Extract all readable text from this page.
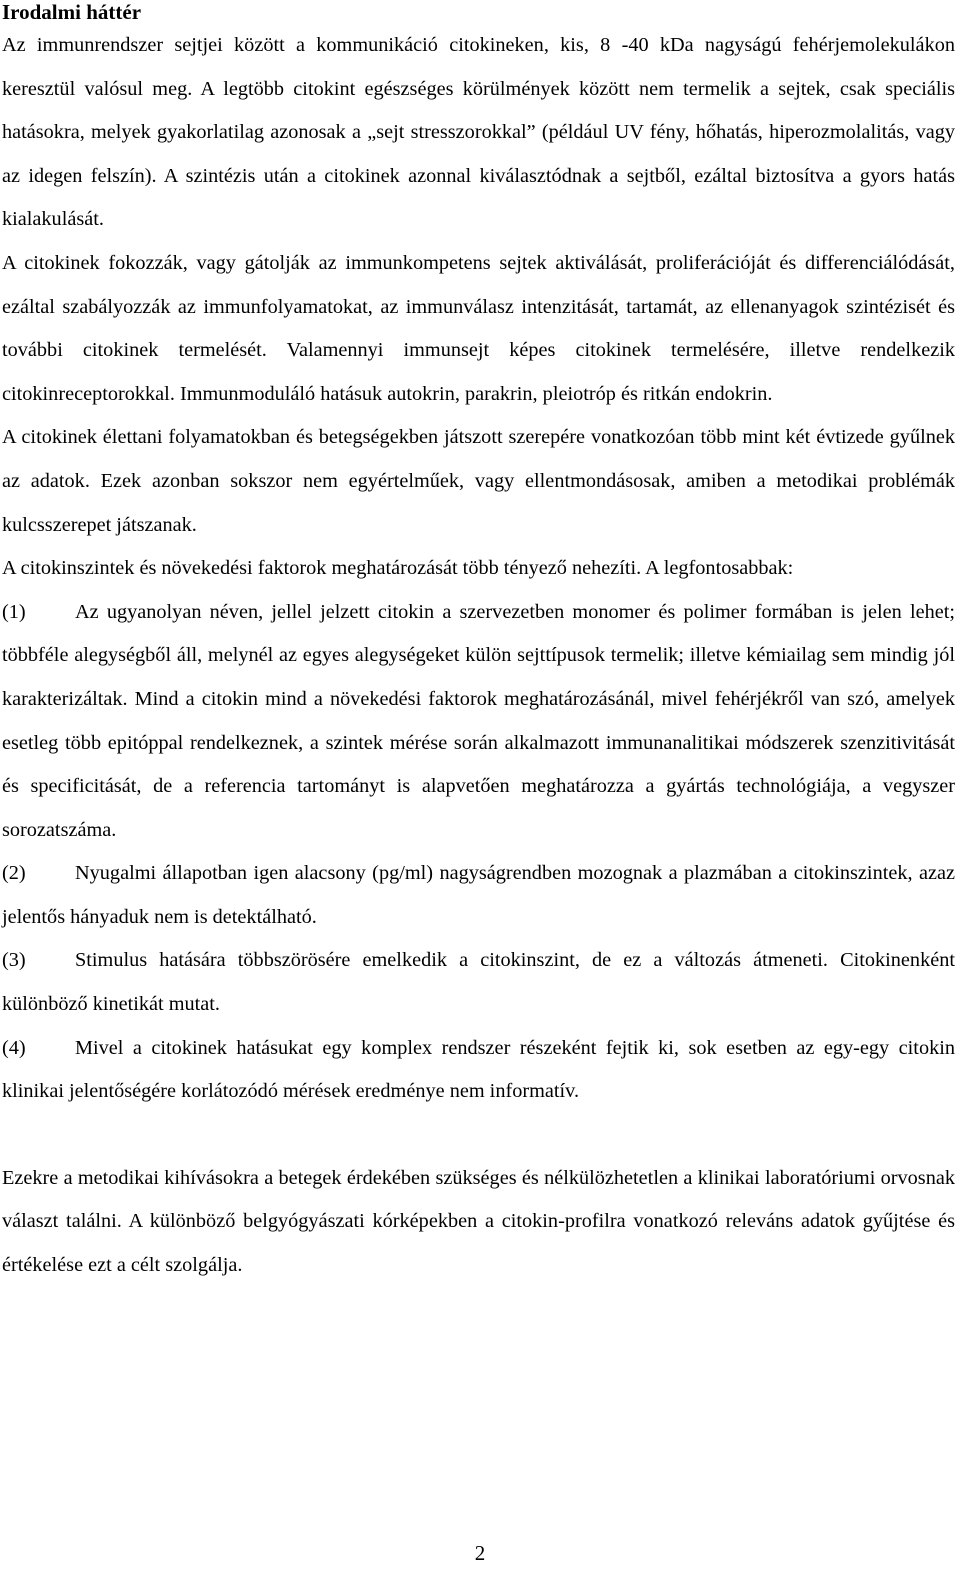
Irodalmi háttér

Az immunrendszer sejtjei között a kommunikáció citokineken, kis, 8 -40 kDa nagyságú fehérjemolekulákon keresztül valósul meg. A legtöbb citokint egészséges körülmények között nem termelik a sejtek, csak speciális hatásokra, melyek gyakorlatilag azonosak a „sejt stresszorokkal” (például UV fény, hőhatás, hiperozmolalitás, vagy az idegen felszín). A szintézis után a citokinek azonnal kiválasztódnak a sejtből, ezáltal biztosítva a gyors hatás kialakulását.

A citokinek fokozzák, vagy gátolják az immunkompetens sejtek aktiválását, proliferációját és differenciálódását, ezáltal szabályozzák az immunfolyamatokat, az immunválasz intenzitását, tartamát, az ellenanyagok szintézisét és további citokinek termelését. Valamennyi immunsejt képes citokinek termelésére, illetve rendelkezik citokinreceptorokkal. Immunmoduláló hatásuk autokrin, parakrin, pleiotróp és ritkán endokrin.

A citokinek élettani folyamatokban és betegségekben játszott szerepére vonatkozóan több mint két évtizede gyűlnek az adatok. Ezek azonban sokszor nem egyértelműek, vagy ellentmondásosak, amiben a metodikai problémák kulcsszerepet játszanak.

A citokinszintek és növekedési faktorok meghatározását több tényező nehezíti. A legfontosabbak:

(1) Az ugyanolyan néven, jellel jelzett citokin a szervezetben monomer és polimer formában is jelen lehet; többféle alegységből áll, melynél az egyes alegységeket külön sejttípusok termelik; illetve kémiailag sem mindig jól karakterizáltak. Mind a citokin mind a növekedési faktorok meghatározásánál, mivel fehérjékről van szó, amelyek esetleg több epitóppal rendelkeznek, a szintek mérése során alkalmazott immunanalitikai módszerek szenzitivitását és specificitását, de a referencia tartományt is alapvetően meghatározza a gyártás technológiája, a vegyszer sorozatszáma.

(2) Nyugalmi állapotban igen alacsony (pg/ml) nagyságrendben mozognak a plazmában a citokinszintek, azaz jelentős hányaduk nem is detektálható.

(3) Stimulus hatására többszörösére emelkedik a citokinszint, de ez a változás átmeneti. Citokinenként különböző kinetikát mutat.

(4) Mivel a citokinek hatásukat egy komplex rendszer részeként fejtik ki, sok esetben az egy-egy citokin klinikai jelentőségére korlátozódó mérések eredménye nem informatív.

Ezekre a metodikai kihívásokra a betegek érdekében szükséges és nélkülözhetetlen a klinikai laboratóriumi orvosnak választ találni. A különböző belgyógyászati kórképekben a citokin-profilra vonatkozó releváns adatok gyűjtése és értékelése ezt a célt szolgálja.

2
